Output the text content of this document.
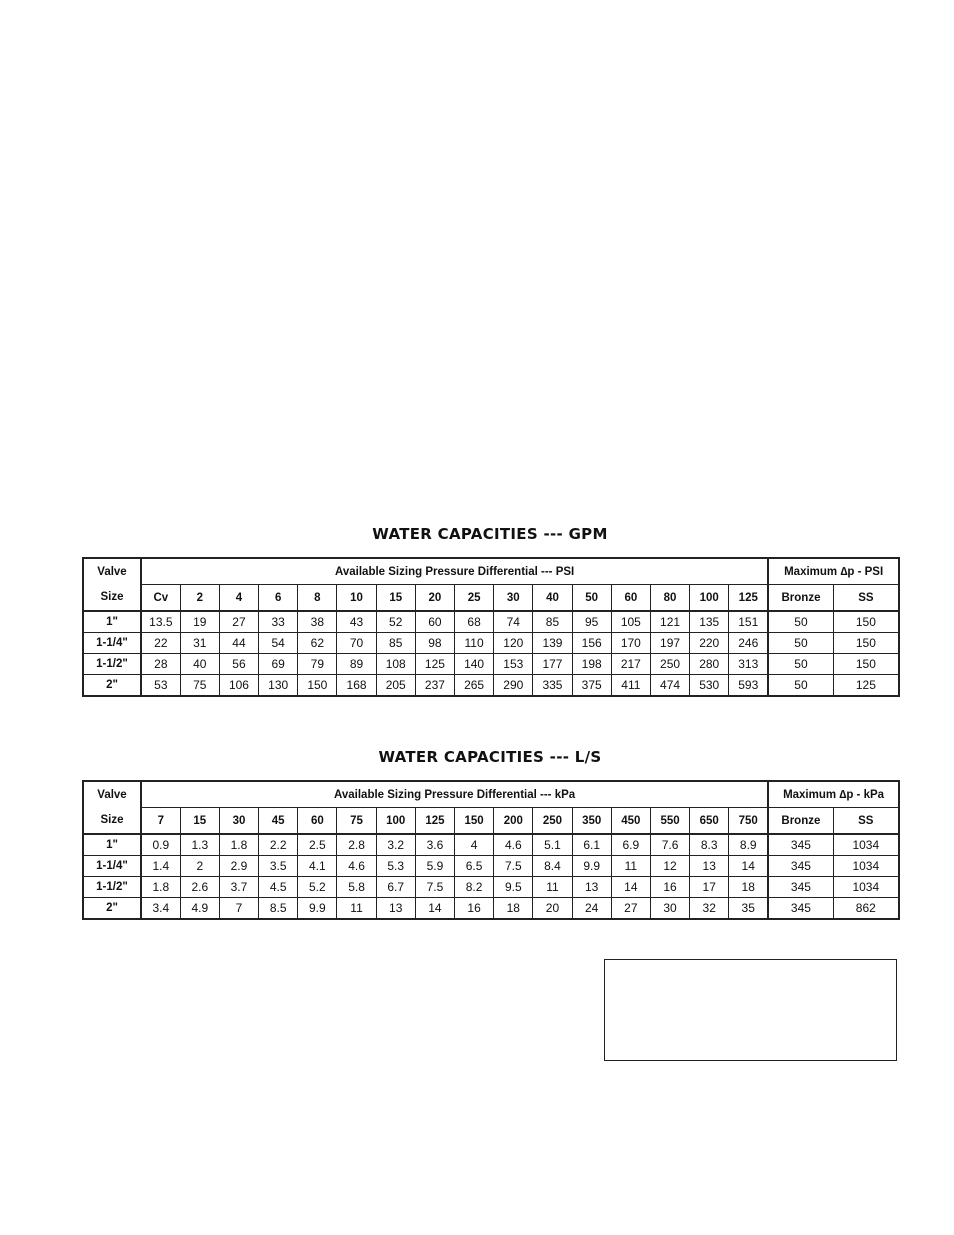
WATER CAPACITIES --- GPM
Valve	Available Sizing Pressure Differential --- PSI																Maximum ∆p - PSI	
Size	Cv	2	4	6	8	10	15	20	25	30	40	50	60	80	100	125	Bronze	SS
1"	13.5	19	27	33	38	43	52	60	68	74	85	95	105	121	135	151	50	150
1-1/4"	22	31	44	54	62	70	85	98	110	120	139	156	170	197	220	246	50	150
1-1/2"	28	40	56	69	79	89	108	125	140	153	177	198	217	250	280	313	50	150
2"	53	75	106	130	150	168	205	237	265	290	335	375	411	474	530	593	50	125
WATER CAPACITIES --- L/S
Valve	Available Sizing Pressure Differential --- kPa																Maximum ∆p - kPa	
Size	7	15	30	45	60	75	100	125	150	200	250	350	450	550	650	750	Bronze	SS
1"	0.9	1.3	1.8	2.2	2.5	2.8	3.2	3.6	4	4.6	5.1	6.1	6.9	7.6	8.3	8.9	345	1034
1-1/4"	1.4	2	2.9	3.5	4.1	4.6	5.3	5.9	6.5	7.5	8.4	9.9	11	12	13	14	345	1034
1-1/2"	1.8	2.6	3.7	4.5	5.2	5.8	6.7	7.5	8.2	9.5	11	13	14	16	17	18	345	1034
2"	3.4	4.9	7	8.5	9.9	11	13	14	16	18	20	24	27	30	32	35	345	862
